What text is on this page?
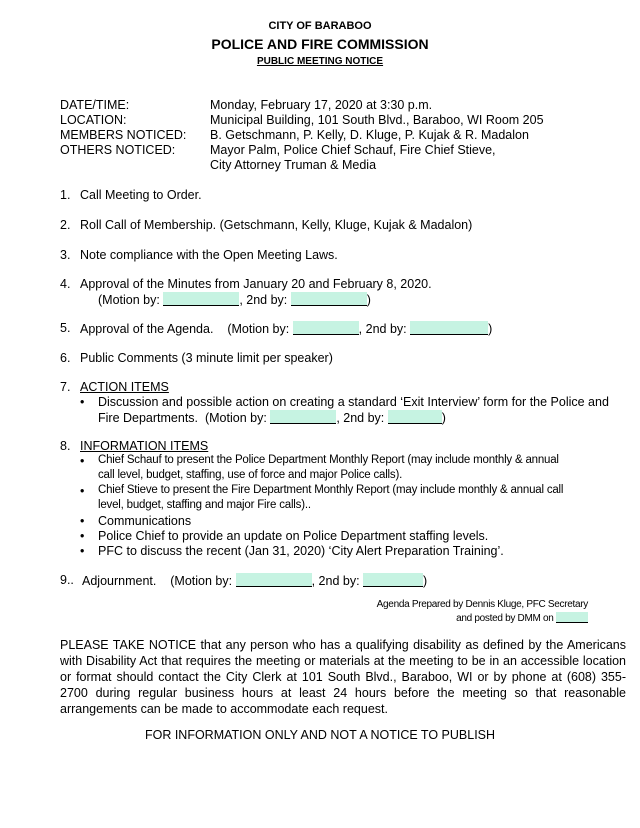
CITY OF BARABOO
POLICE AND FIRE COMMISSION
PUBLIC MEETING NOTICE
DATE/TIME:	Monday, February 17, 2020 at 3:30 p.m.
LOCATION:	Municipal Building, 101 South Blvd., Baraboo, WI Room 205
MEMBERS NOTICED: B. Getschmann, P. Kelly, D. Kluge, P. Kujak & R. Madalon
OTHERS NOTICED:	Mayor Palm, Police Chief Schauf, Fire Chief Stieve,
City Attorney Truman & Media
1. Call Meeting to Order.
2. Roll Call of Membership. (Getschmann, Kelly, Kluge, Kujak & Madalon)
3. Note compliance with the Open Meeting Laws.
4. Approval of the Minutes from January 20 and February 8, 2020.
(Motion by:	, 2nd by:	)
5. Approval of the Agenda. (Motion by:	, 2nd by:	)
6. Public Comments (3 minute limit per speaker)
7. ACTION ITEMS
• Discussion and possible action on creating a standard ‘Exit Interview’ form for the Police and
Fire Departments. (Motion by:	, 2nd by:	)
8. INFORMATION ITEMS
• Chief Schauf to present the Police Department Monthly Report (may include monthly & annual
call level, budget, staffing, use of force and major Police calls).
• Chief Stieve to present the Fire Department Monthly Report (may include monthly & annual call
level, budget, staffing and major Fire calls)..
• Communications
• Police Chief to provide an update on Police Department staffing levels.
• PFC to discuss the recent (Jan 31, 2020) ‘City Alert Preparation Training’.
9.. Adjournment. (Motion by:	, 2nd by:	)
Agenda Prepared by Dennis Kluge, PFC Secretary
and posted by DMM on
PLEASE TAKE NOTICE that any person who has a qualifying disability as defined by the Americans with Disability Act that requires the meeting or materials at the meeting to be in an accessible location or format should contact the City Clerk at 101 South Blvd., Baraboo, WI or by phone at (608) 355-2700 during regular business hours at least 24 hours before the meeting so that reasonable arrangements can be made to accommodate each request.
FOR INFORMATION ONLY AND NOT A NOTICE TO PUBLISH
